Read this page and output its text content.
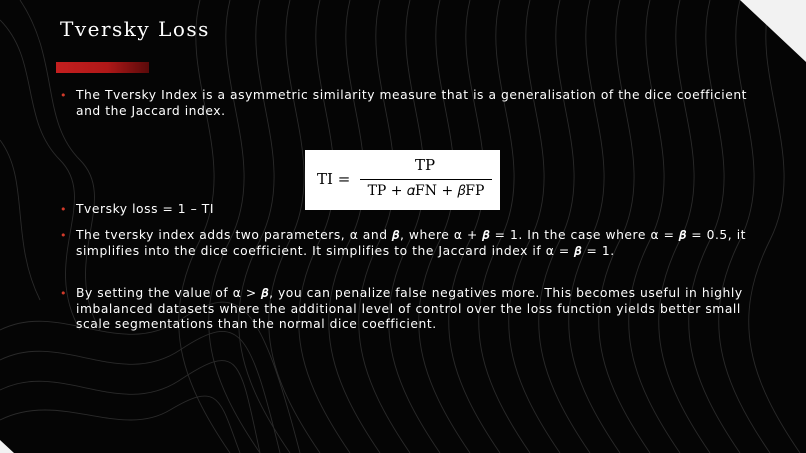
Tversky Loss
• The Tversky Index is a asymmetric similarity measure that is a generalisation of the dice coefficient and the Jaccard index.
TI =
TP
TP + 𝛼FN + 𝛽FP
• Tversky loss = 1 – TI
• The tversky index adds two parameters, α and 𝜷, where α + 𝜷 = 1. In the case where α = 𝜷 = 0.5, it simplifies into the dice coefficient. It simplifies to the Jaccard index if α = 𝜷 = 1.
• By setting the value of α > 𝜷, you can penalize false negatives more. This becomes useful in highly imbalanced datasets where the additional level of control over the loss function yields better small scale segmentations than the normal dice coefficient.
